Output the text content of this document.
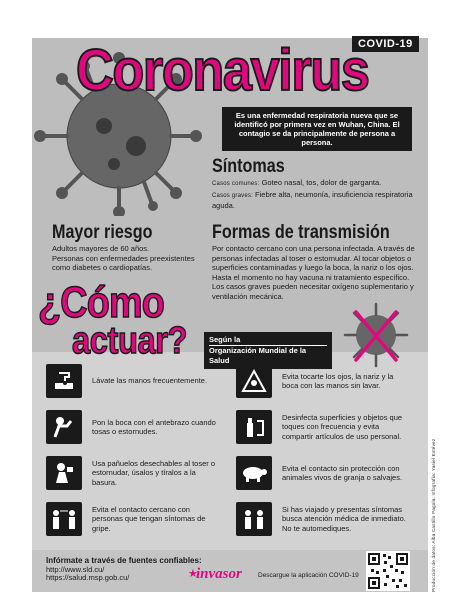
COVID-19
Coronavirus
Es una enfermedad respiratoria nueva que se identificó por primera vez en Wuhan, China. El contagio se da principalmente de persona a persona.
Síntomas
Casos comunes: Goteo nasal, tos, dolor de garganta.
Casos graves: Fiebre alta, neumonía, insuficiencia respiratoria aguda.
Mayor riesgo
Adultos mayores de 60 años.
Personas con enfermedades preexistentes como diabetes o cardiopatías.
Formas de transmisión
Por contacto cercano con una persona infectada. A través de personas infectadas al toser o estornudar. Al tocar objetos o superficies contaminadas y luego la boca, la nariz o los ojos. Hasta el momento no hay vacuna ni tratamiento específico. Los casos graves pueden necesitar oxígeno suplementario y ventilación mecánica.
¿Cómo
actuar?	Según la
Organización Mundial de la Salud
Lávate las manos frecuentemente.
Pon la boca con el antebrazo cuando tosas o estornudes.
Usa pañuelos desechables al toser o estornudar, úsalos y tíralos a la basura.
Evita el contacto cercano con personas que tengan síntomas de gripe.
Evita tocarte los ojos, la nariz y la boca con las manos sin lavar.
Desinfecta superficies y objetos que toques con frecuencia y evita compartir artículos de uso personal.
Evita el contacto sin protección con animales vivos de granja o salvajes.
Si has viajado y presentas síntomas busca atención médica de inmediato. No te automediques.	Producción de datos: Alba Castillo Pagola. Infografía: Yasiel Estévez
Infórmate a través de fuentes confiables:
http://www.sld.cu/
https://salud.msp.gob.cu/	★
invasor Descargue la aplicación COVID-19
